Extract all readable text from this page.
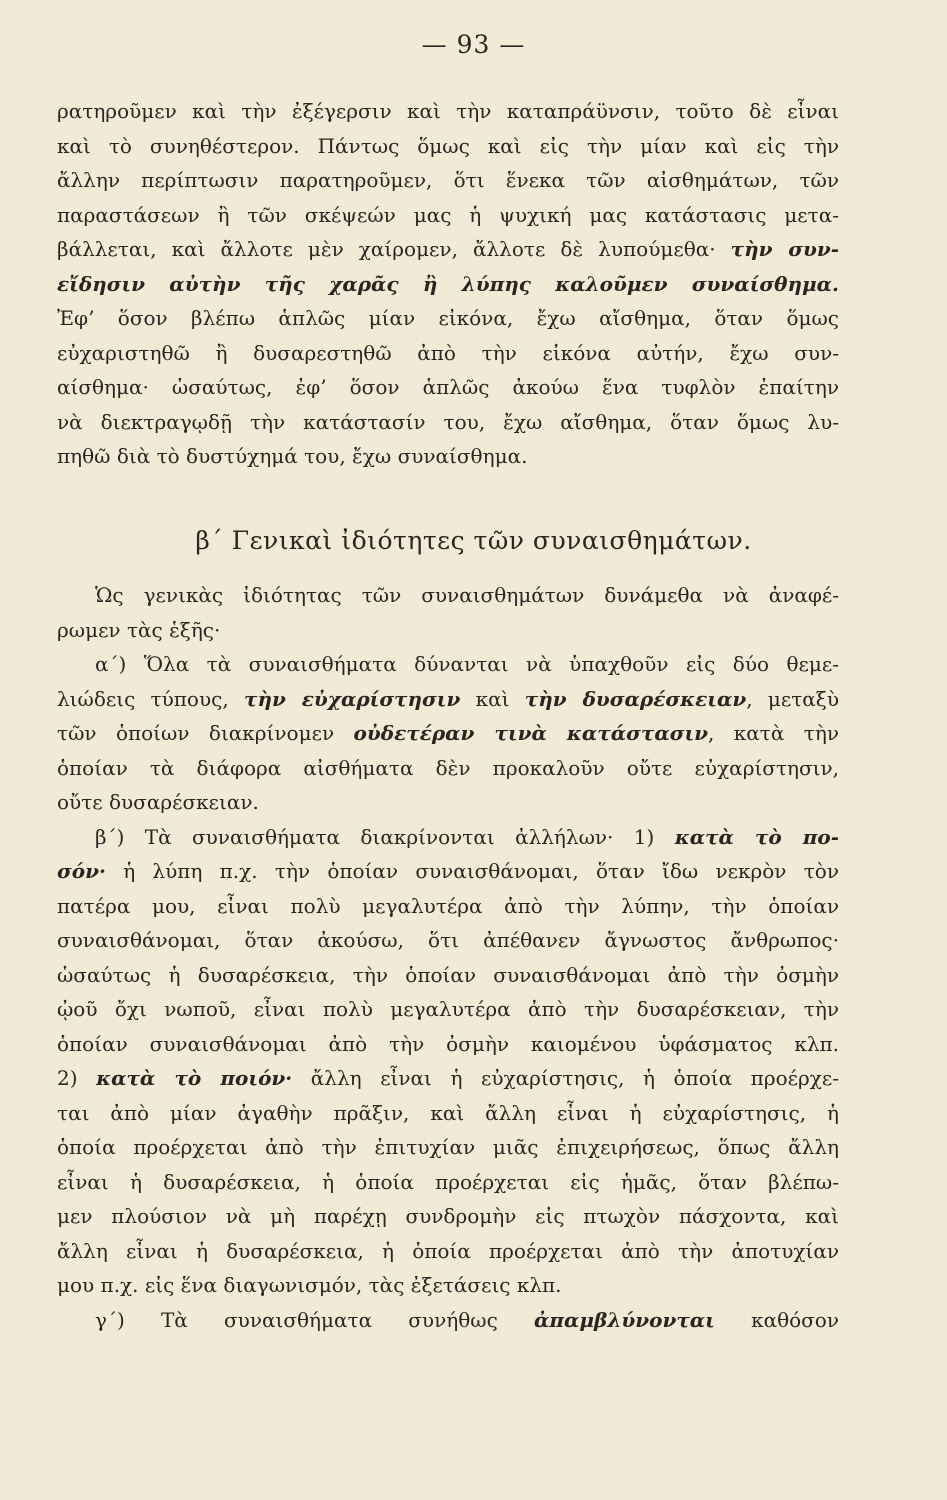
— 93 —
ρατηροῦμεν καὶ τὴν ἐξέγερσιν καὶ τὴν καταπράϋνσιν, τοῦτο δὲ εἶναι
καὶ τὸ συνηθέστερον. Πάντως ὅμως καὶ εἰς τὴν μίαν καὶ εἰς τὴν
ἄλλην περίπτωσιν παρατηροῦμεν, ὅτι ἕνεκα τῶν αἰσθημάτων, τῶν
παραστάσεων ἢ τῶν σκέψεών μας ἡ ψυχική μας κατάστασις μετα-
βάλλεται, καὶ ἄλλοτε μὲν χαίρομεν, ἄλλοτε δὲ λυπούμεθα· τὴν συν-
εἴδησιν αὐτὴν τῆς χαρᾶς ἢ λύπης καλοῦμεν συναίσθημα.
Ἐφ’ ὅσον βλέπω ἁπλῶς μίαν εἰκόνα, ἔχω αἴσθημα, ὅταν ὅμως
εὐχαριστηθῶ ἢ δυσαρεστηθῶ ἀπὸ τὴν εἰκόνα αὐτήν, ἔχω συν-
αίσθημα· ὡσαύτως, ἐφ’ ὅσον ἁπλῶς ἀκούω ἕνα τυφλὸν ἐπαίτην
νὰ διεκτραγῳδῇ τὴν κατάστασίν του, ἔχω αἴσθημα, ὅταν ὅμως λυ-
πηθῶ διὰ τὸ δυστύχημά του, ἔχω συναίσθημα.
β΄ Γενικαὶ ἰδιότητες τῶν συναισθημάτων.
Ὡς γενικὰς ἰδιότητας τῶν συναισθημάτων δυνάμεθα νὰ ἀναφέ-
ρωμεν τὰς ἑξῆς·
α΄) Ὅλα τὰ συναισθήματα δύνανται νὰ ὑπαχθοῦν εἰς δύο θεμε-
λιώδεις τύπους, τὴν εὐχαρίστησιν καὶ τὴν δυσαρέσκειαν, μεταξὺ
τῶν ὁποίων διακρίνομεν οὐδετέραν τινὰ κατάστασιν, κατὰ τὴν
ὁποίαν τὰ διάφορα αἰσθήματα δὲν προκαλοῦν οὔτε εὐχαρίστησιν,
οὔτε δυσαρέσκειαν.
β΄) Τὰ συναισθήματα διακρίνονται ἀλλήλων· 1) κατὰ τὸ πο-
σόν· ἡ λύπη π.χ. τὴν ὁποίαν συναισθάνομαι, ὅταν ἴδω νεκρὸν τὸν
πατέρα μου, εἶναι πολὺ μεγαλυτέρα ἀπὸ τὴν λύπην, τὴν ὁποίαν
συναισθάνομαι, ὅταν ἀκούσω, ὅτι ἀπέθανεν ἄγνωστος ἄνθρωπος·
ὡσαύτως ἡ δυσαρέσκεια, τὴν ὁποίαν συναισθάνομαι ἀπὸ τὴν ὀσμὴν
ᾠοῦ ὄχι νωποῦ, εἶναι πολὺ μεγαλυτέρα ἀπὸ τὴν δυσαρέσκειαν, τὴν
ὁποίαν συναισθάνομαι ἀπὸ τὴν ὀσμὴν καιομένου ὑφάσματος κλπ.
2) κατὰ τὸ ποιόν· ἄλλη εἶναι ἡ εὐχαρίστησις, ἡ ὁποία προέρχε-
ται ἀπὸ μίαν ἀγαθὴν πρᾶξιν, καὶ ἄλλη εἶναι ἡ εὐχαρίστησις, ἡ
ὁποία προέρχεται ἀπὸ τὴν ἐπιτυχίαν μιᾶς ἐπιχειρήσεως, ὅπως ἄλλη
εἶναι ἡ δυσαρέσκεια, ἡ ὁποία προέρχεται εἰς ἡμᾶς, ὅταν βλέπω-
μεν πλούσιον νὰ μὴ παρέχῃ συνδρομὴν εἰς πτωχὸν πάσχοντα, καὶ
ἄλλη εἶναι ἡ δυσαρέσκεια, ἡ ὁποία προέρχεται ἀπὸ τὴν ἀποτυχίαν
μου π.χ. εἰς ἕνα διαγωνισμόν, τὰς ἐξετάσεις κλπ.
γ΄) Τὰ συναισθήματα συνήθως ἀπαμβλύνονται καθόσον
